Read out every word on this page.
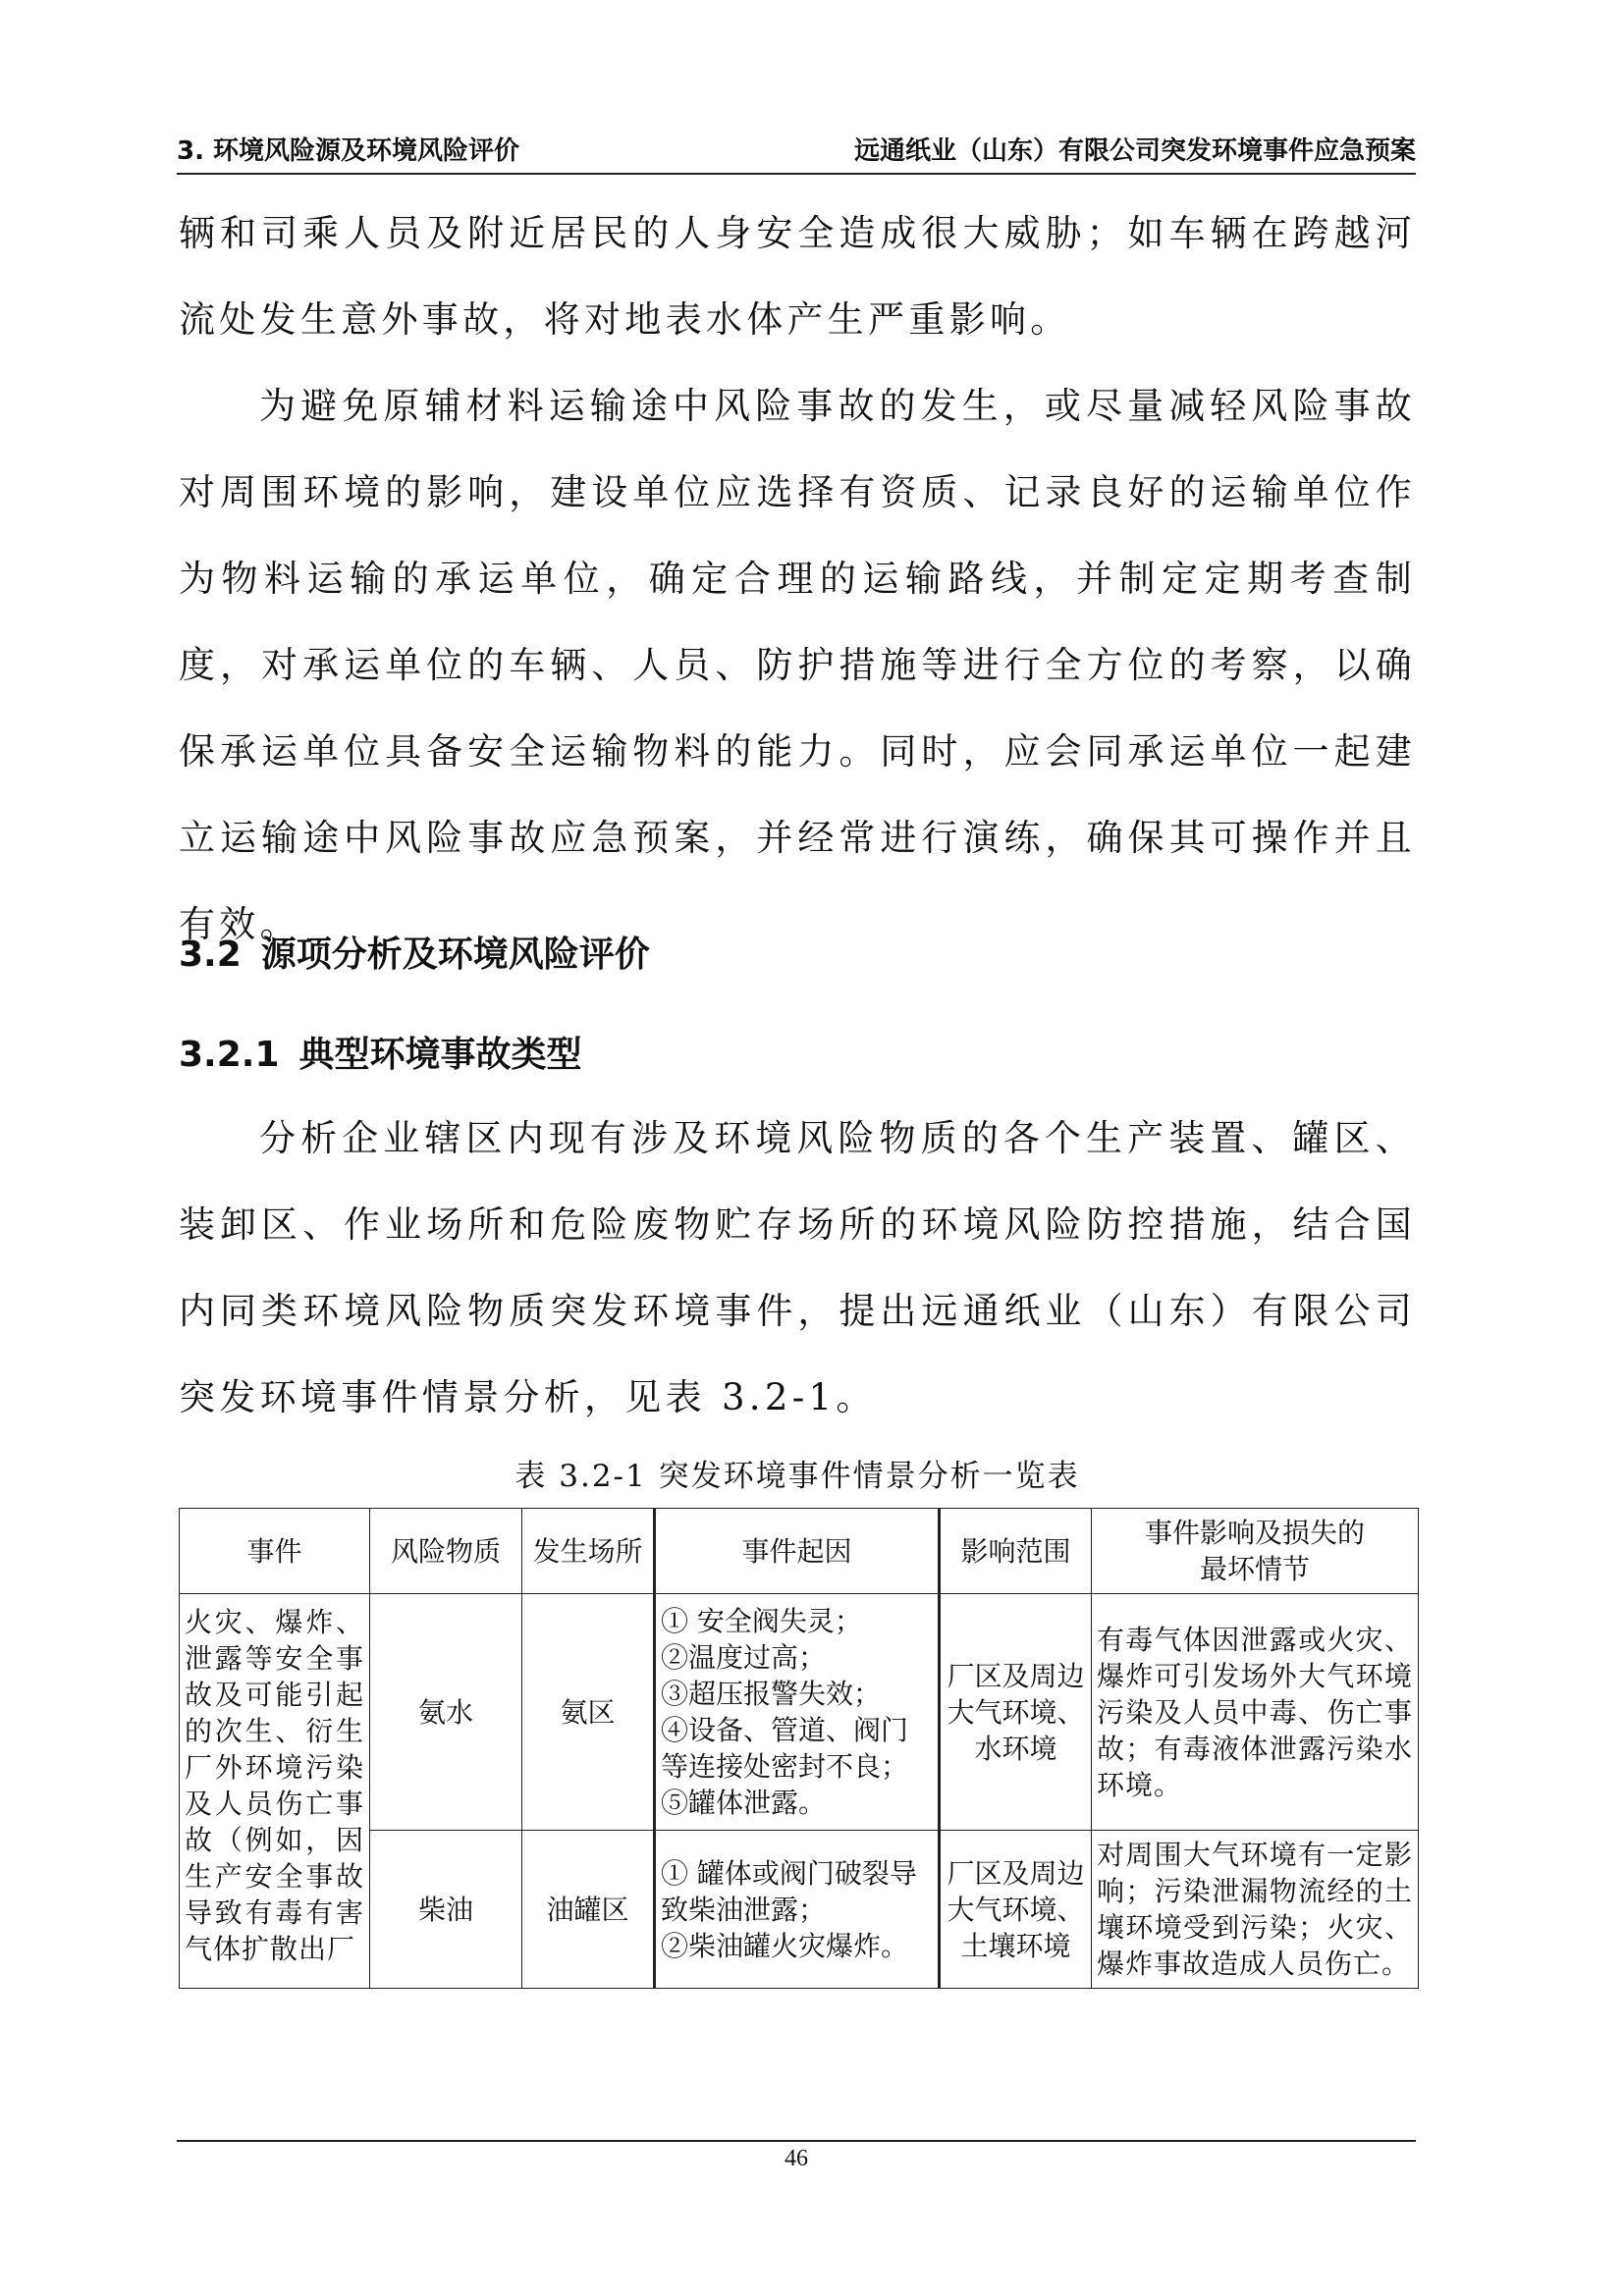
3. 环境风险源及环境风险评价	远通纸业（山东）有限公司突发环境事件应急预案

辆和司乘人员及附近居民的人身安全造成很大威胁；如车辆在跨越河流处发生意外事故，将对地表水体产生严重影响。

为避免原辅材料运输途中风险事故的发生，或尽量减轻风险事故对周围环境的影响，建设单位应选择有资质、记录良好的运输单位作为物料运输的承运单位，确定合理的运输路线，并制定定期考查制度，对承运单位的车辆、人员、防护措施等进行全方位的考察，以确保承运单位具备安全运输物料的能力。同时，应会同承运单位一起建立运输途中风险事故应急预案，并经常进行演练，确保其可操作并且有效。

3.2 源项分析及环境风险评价
3.2.1 典型环境事故类型

分析企业辖区内现有涉及环境风险物质的各个生产装置、罐区、装卸区、作业场所和危险废物贮存场所的环境风险防控措施，结合国内同类环境风险物质突发环境事件，提出远通纸业（山东）有限公司突发环境事件情景分析，见表 3.2-1。

表 3.2-1 突发环境事件情景分析一览表
事件	风险物质	发生场所	事件起因	影响范围	事件影响及损失的
最坏情节

火灾、爆炸、泄露等安全事故及可能引起的次生、衍生厂外环境污染及人员伤亡事故（例如，因生产安全事故导致有毒有害气体扩散出厂	氨水	氨区	① 安全阀失灵；
②温度过高；
③超压报警失效；
④设备、管道、阀门等连接处密封不良；
⑤罐体泄露。	厂区及周边大气环境、水环境	有毒气体因泄露或火灾、爆炸可引发场外大气环境污染及人员中毒、伤亡事故；有毒液体泄露污染水环境。
	柴油	油罐区	① 罐体或阀门破裂导致柴油泄露；
②柴油罐火灾爆炸。	厂区及周边大气环境、土壤环境	对周围大气环境有一定影响；污染泄漏物流经的土壤环境受到污染；火灾、爆炸事故造成人员伤亡。
46
